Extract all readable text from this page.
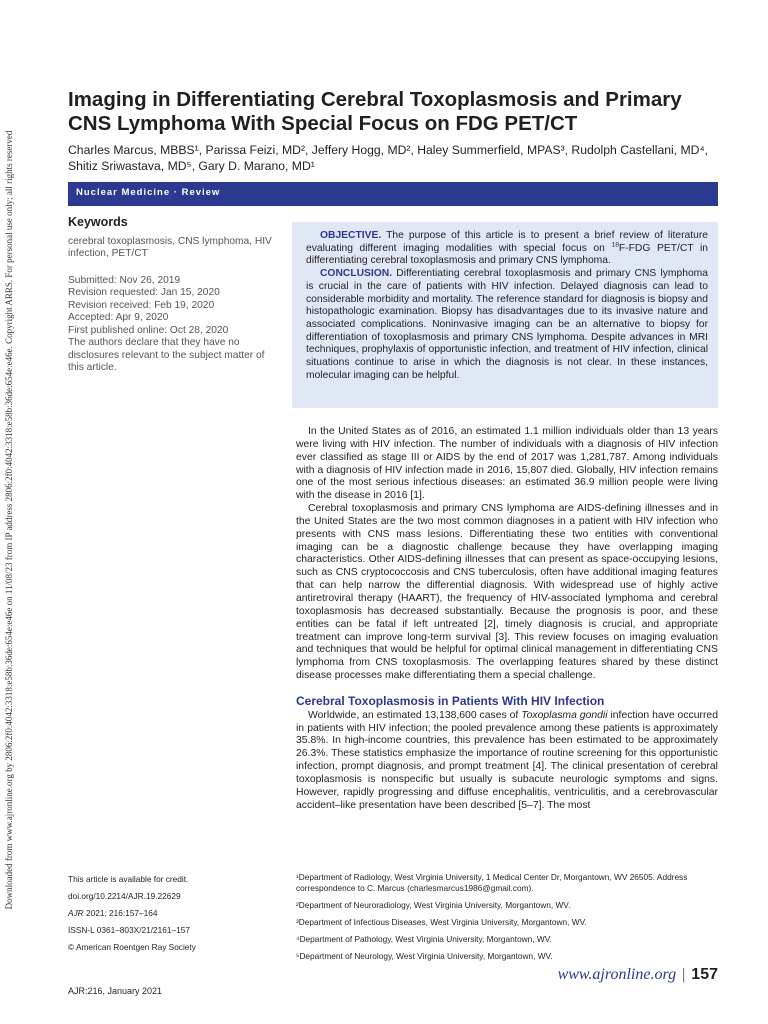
Downloaded from www.ajronline.org by 2806:2f0:4042:3318:e58b:36de:654e:e46e on 11/08/23 from IP address 2806:2f0:4042:3318:e58b:36de:654e:e46e. Copyright ARRS. For personal use only; all rights reserved
Imaging in Differentiating Cerebral Toxoplasmosis and Primary CNS Lymphoma With Special Focus on FDG PET/CT
Charles Marcus, MBBS¹, Parissa Feizi, MD², Jeffery Hogg, MD², Haley Summerfield, MPAS³, Rudolph Castellani, MD⁴, Shitiz Sriwastava, MD⁵, Gary D. Marano, MD¹
Nuclear Medicine · Review
Keywords

cerebral toxoplasmosis, CNS lymphoma, HIV infection, PET/CT

Submitted: Nov 26, 2019

Revision requested: Jan 15, 2020

Revision received: Feb 19, 2020

Accepted: Apr 9, 2020

First published online: Oct 28, 2020

The authors declare that they have no disclosures relevant to the subject matter of this article.

OBJECTIVE. The purpose of this article is to present a brief review of literature evaluating different imaging modalities with special focus on $^{18}$F-FDG PET/CT in differentiating cerebral toxoplasmosis and primary CNS lymphoma.

CONCLUSION. Differentiating cerebral toxoplasmosis and primary CNS lymphoma is crucial in the care of patients with HIV infection. Delayed diagnosis can lead to considerable morbidity and mortality. The reference standard for diagnosis is biopsy and histopathologic examination. Biopsy has disadvantages due to its invasive nature and associated complications. Noninvasive imaging can be an alternative to biopsy for differentiation of toxoplasmosis and primary CNS lymphoma. Despite advances in MRI techniques, prophylaxis of opportunistic infection, and treatment of HIV infection, clinical situations continue to arise in which the diagnosis is not clear. In these instances, molecular imaging can be helpful.

In the United States as of 2016, an estimated 1.1 million individuals older than 13 years were living with HIV infection. The number of individuals with a diagnosis of HIV infection ever classified as stage III or AIDS by the end of 2017 was 1,281,787. Among individuals with a diagnosis of HIV infection made in 2016, 15,807 died. Globally, HIV infection remains one of the most serious infectious diseases: an estimated 36.9 million people were living with the disease in 2016 [1].

Cerebral toxoplasmosis and primary CNS lymphoma are AIDS-defining illnesses and in the United States are the two most common diagnoses in a patient with HIV infection who presents with CNS mass lesions. Differentiating these two entities with conventional imaging can be a diagnostic challenge because they have overlapping imaging characteristics. Other AIDS-defining illnesses that can present as space-occupying lesions, such as CNS cryptococcosis and CNS tuberculosis, often have additional imaging features that can help narrow the differential diagnosis. With widespread use of highly active antiretroviral therapy (HAART), the frequency of HIV-associated lymphoma and cerebral toxoplasmosis has decreased substantially. Because the prognosis is poor, and these entities can be fatal if left untreated [2], timely diagnosis is crucial, and appropriate treatment can improve long-term survival [3]. This review focuses on imaging evaluation and techniques that would be helpful for optimal clinical management in differentiating CNS lymphoma from CNS toxoplasmosis. The overlapping features shared by these distinct disease processes make differentiating them a special challenge.

Cerebral Toxoplasmosis in Patients With HIV Infection

Worldwide, an estimated 13,138,600 cases of Toxoplasma gondii infection have occurred in patients with HIV infection; the pooled prevalence among these patients is approximately 35.8%. In high-income countries, this prevalence has been estimated to be approximately 26.3%. These statistics emphasize the importance of routine screening for this opportunistic infection, prompt diagnosis, and prompt treatment [4]. The clinical presentation of cerebral toxoplasmosis is nonspecific but usually is subacute neurologic symptoms and signs. However, rapidly progressing and diffuse encephalitis, ventriculitis, and a cerebrovascular accident–like presentation have been described [5–7]. The most

This article is available for credit.

doi.org/10.2214/AJR.19.22629

AJR 2021; 216:157–164

ISSN-L 0361–803X/21/2161–157

© American Roentgen Ray Society

¹Department of Radiology, West Virginia University, 1 Medical Center Dr, Morgantown, WV 26505. Address correspondence to C. Marcus (charlesmarcus1986@gmail.com).

²Department of Neuroradiology, West Virginia University, Morgantown, WV.

³Department of Infectious Diseases, West Virginia University, Morgantown, WV.

⁴Department of Pathology, West Virginia University, Morgantown, WV.

⁵Department of Neurology, West Virginia University, Morgantown, WV.

AJR:216, January 2021
www.ajronline.org | 157
